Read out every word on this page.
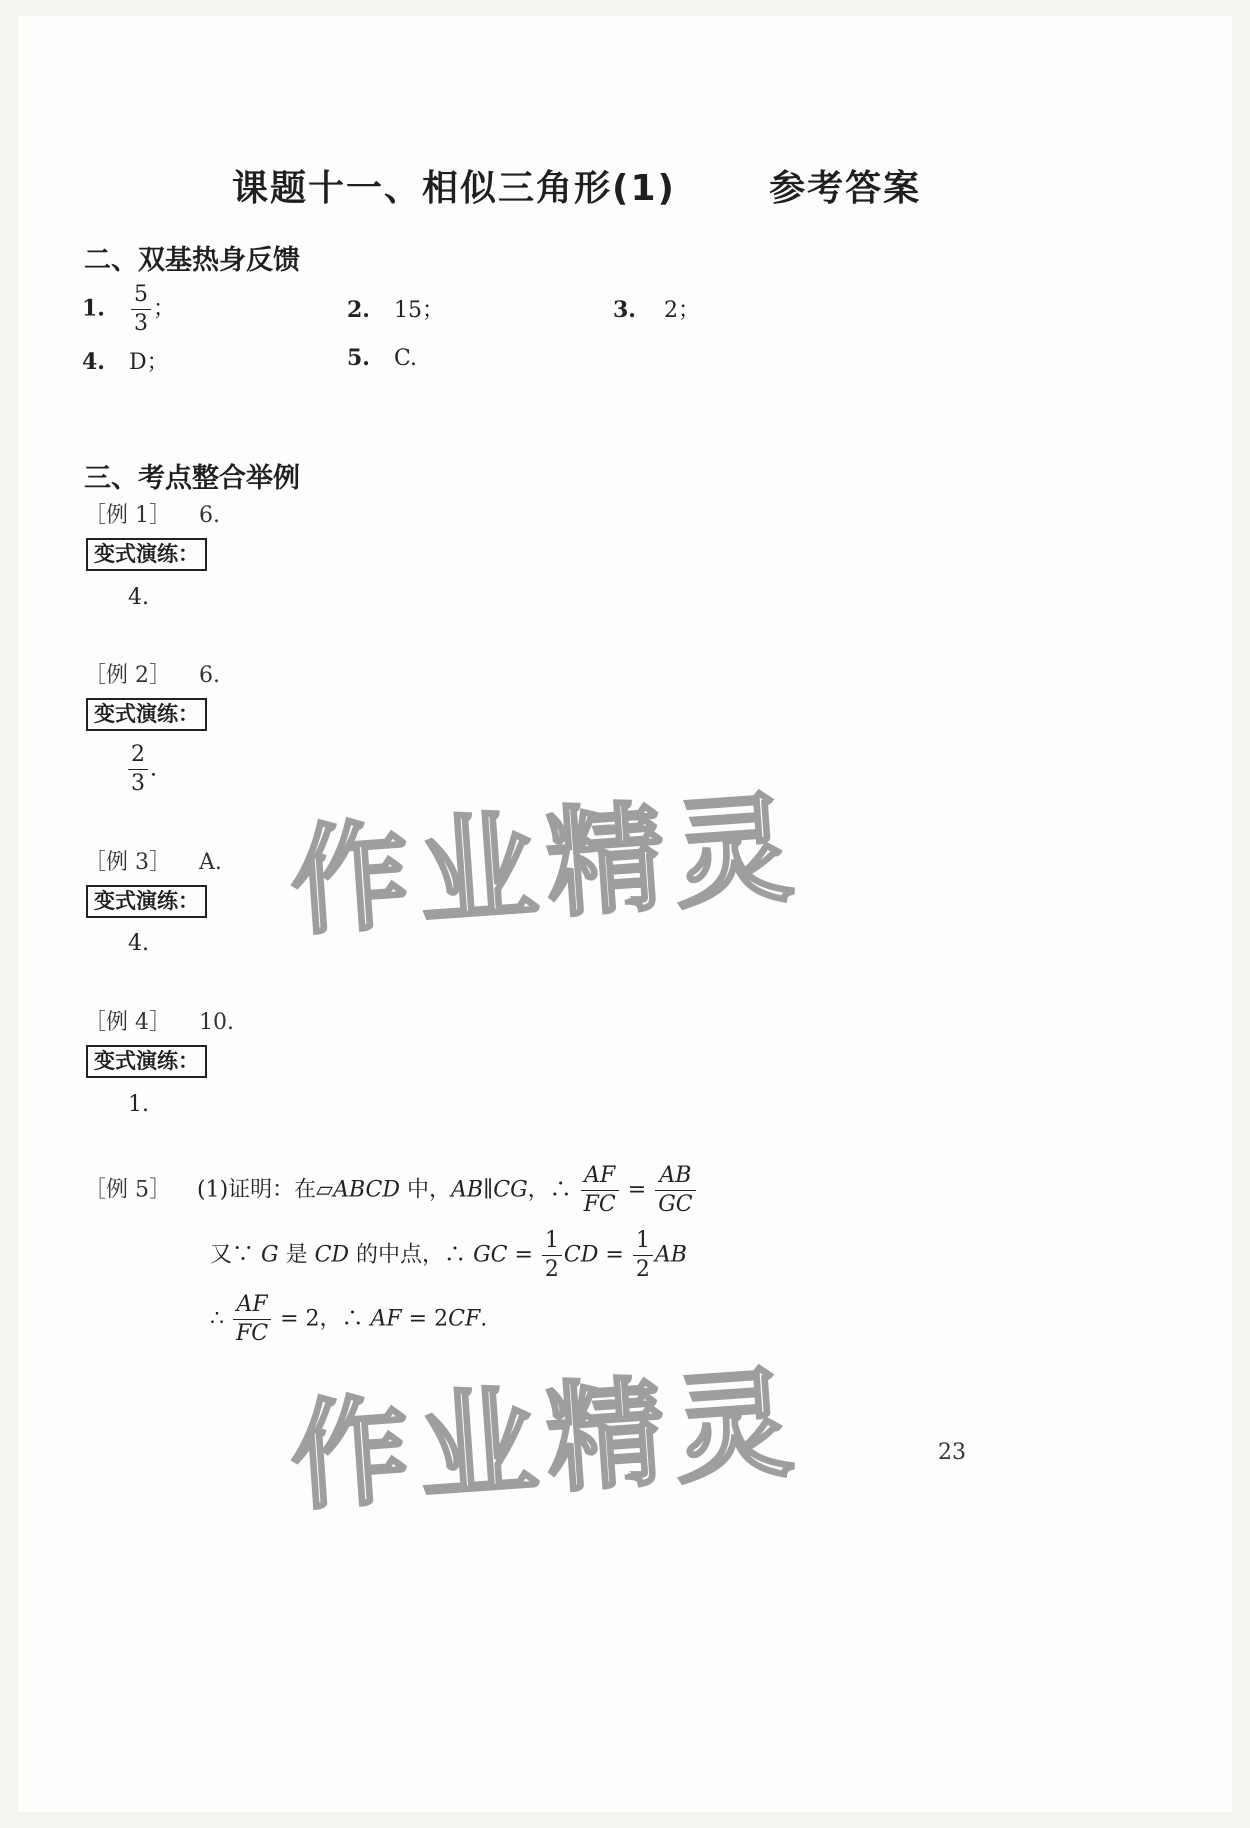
课题十一、相似三角形(1)	参考答案
二、双基热身反馈
1. $\frac{5}{3}$ ；	2. 15；	3. 2；
4. D；	5. C.
三、考点整合举例
［例 1］ 6.
变式演练：
4.
［例 2］ 6.
变式演练：
$\frac{2}{3}$ .
［例 3］ A.
变式演练：
4.
［例 4］ 10.
变式演练：
1.
［例 5］ (1)证明：在▱ABCD 中，AB∥CG，∴ $\frac{AF}{FC} = \frac{AB}{GC}$
又∵ G 是 CD 的中点，∴ GC = $\frac{1}{2}$ CD = $\frac{1}{2}$ AB
∴ $\frac{AF}{FC} = 2$，∴ AF = 2CF.
作业精灵
作业精灵	23
